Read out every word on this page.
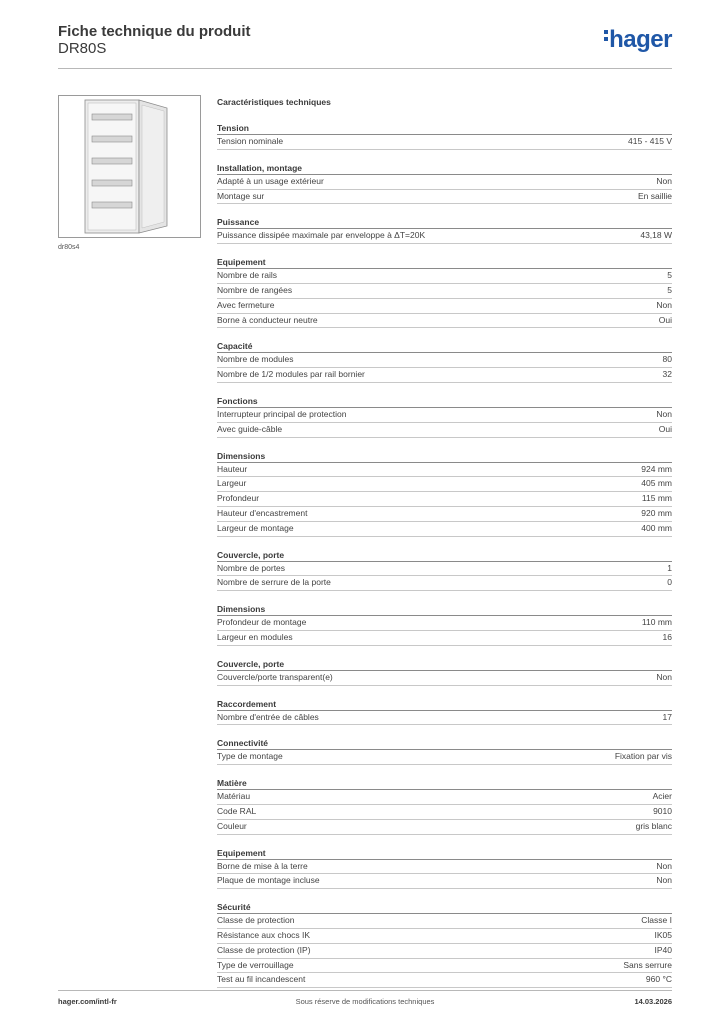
Fiche technique du produit
DR80S	hager
dr80s4
Caractéristiques techniques
Tension
Tension nominale	415 - 415 V
Installation, montage
Adapté à un usage extérieur	Non
Montage sur	En saillie
Puissance
Puissance dissipée maximale par enveloppe à ΔT=20K	43,18 W
Equipement
Nombre de rails	5
Nombre de rangées	5
Avec fermeture	Non
Borne à conducteur neutre	Oui
Capacité
Nombre de modules	80
Nombre de 1/2 modules par rail bornier	32
Fonctions
Interrupteur principal de protection	Non
Avec guide-câble	Oui
Dimensions
Hauteur	924 mm
Largeur	405 mm
Profondeur	115 mm
Hauteur d'encastrement	920 mm
Largeur de montage	400 mm
Couvercle, porte
Nombre de portes	1
Nombre de serrure de la porte	0
Dimensions
Profondeur de montage	110 mm
Largeur en modules	16
Couvercle, porte
Couvercle/porte transparent(e)	Non
Raccordement
Nombre d'entrée de câbles	17
Connectivité
Type de montage	Fixation par vis
Matière
Matériau	Acier
Code RAL	9010
Couleur	gris blanc
Equipement
Borne de mise à la terre	Non
Plaque de montage incluse	Non
Sécurité
Classe de protection	Classe I
Résistance aux chocs IK	IK05
Classe de protection (IP)	IP40
Type de verrouillage	Sans serrure
Test au fil incandescent	960 °C
hager.com/intl-fr	Sous réserve de modifications techniques	14.03.2026
